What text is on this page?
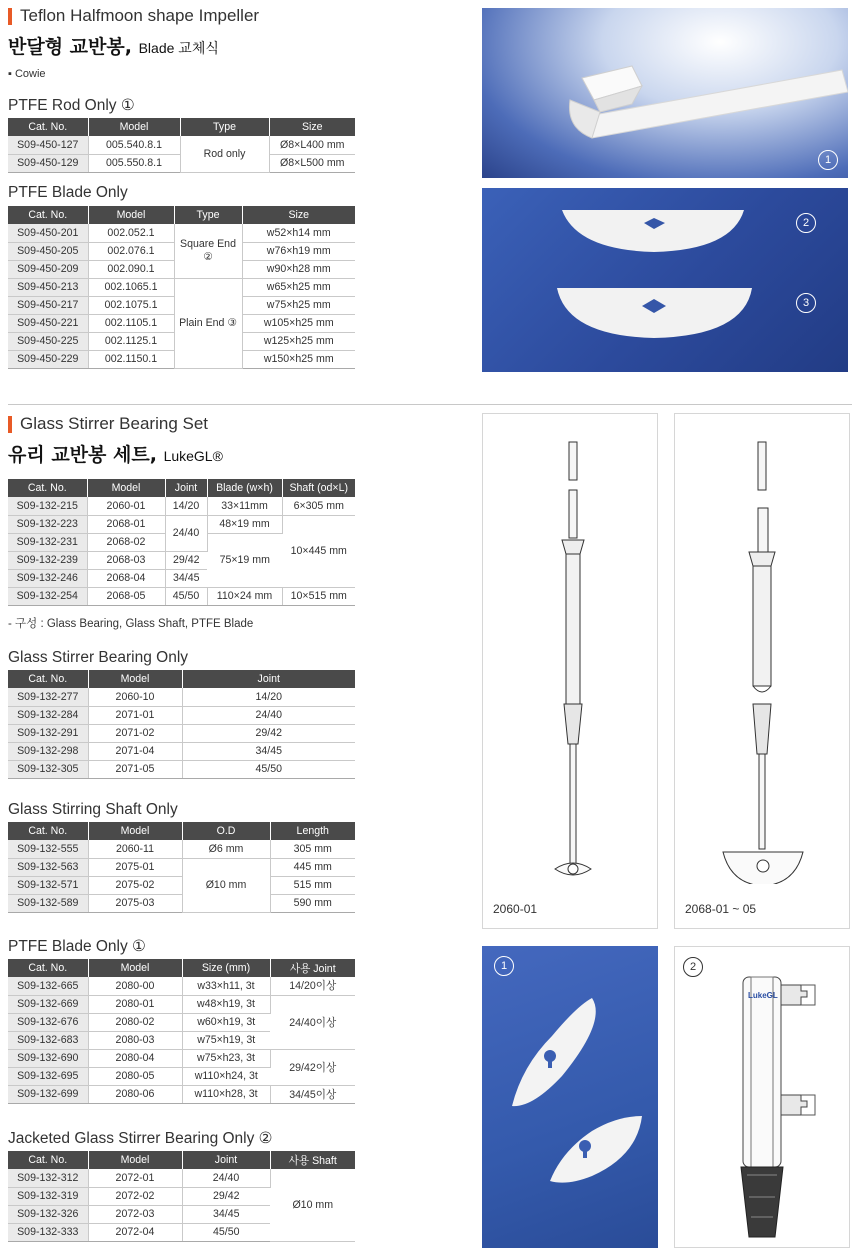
Teflon Halfmoon shape Impeller
반달형 교반봉, Blade 교체식
▪ Cowie
PTFE Rod Only ①
Cat. No.	Model	Type	Size
S09-450-127	005.540.8.1	Rod only	Ø8×L400 mm
S09-450-129	005.550.8.1		Ø8×L500 mm
PTFE Blade Only
Cat. No.	Model	Type	Size
S09-450-201	002.052.1	Square End ②	w52×h14 mm
S09-450-205	002.076.1		w76×h19 mm
S09-450-209	002.090.1		w90×h28 mm
S09-450-213	002.1065.1	Plain End ③	w65×h25 mm
S09-450-217	002.1075.1		w75×h25 mm
S09-450-221	002.1105.1		w105×h25 mm
S09-450-225	002.1125.1		w125×h25 mm
S09-450-229	002.1150.1		w150×h25 mm
1
2
3
Glass Stirrer Bearing Set
유리 교반봉 세트, LukeGL®
Cat. No.	Model	Joint	Blade (w×h)	Shaft (od×L)
S09-132-215	2060-01	14/20	33×11mm	6×305 mm
S09-132-223	2068-01	24/40	48×19 mm	10×445 mm
S09-132-231	2068-02		75×19 mm	
S09-132-239	2068-03	29/42		
S09-132-246	2068-04	34/45		
S09-132-254	2068-05	45/50	110×24 mm	10×515 mm
- 구성 : Glass Bearing, Glass Shaft, PTFE Blade
Glass Stirrer Bearing Only
Cat. No.	Model	Joint
S09-132-277	2060-10	14/20
S09-132-284	2071-01	24/40
S09-132-291	2071-02	29/42
S09-132-298	2071-04	34/45
S09-132-305	2071-05	45/50
Glass Stirring Shaft Only
Cat. No.	Model	O.D	Length
S09-132-555	2060-11	Ø6 mm	305 mm
S09-132-563	2075-01	Ø10 mm	445 mm
S09-132-571	2075-02		515 mm
S09-132-589	2075-03		590 mm
PTFE Blade Only ①
Cat. No.	Model	Size (mm)	사용 Joint
S09-132-665	2080-00	w33×h11, 3t	14/20이상
S09-132-669	2080-01	w48×h19, 3t	24/40이상
S09-132-676	2080-02	w60×h19, 3t	
S09-132-683	2080-03	w75×h19, 3t	
S09-132-690	2080-04	w75×h23, 3t	29/42이상
S09-132-695	2080-05	w110×h24, 3t	
S09-132-699	2080-06	w110×h28, 3t	34/45이상
Jacketed Glass Stirrer Bearing Only ②
Cat. No.	Model	Joint	사용 Shaft
S09-132-312	2072-01	24/40	Ø10 mm
S09-132-319	2072-02	29/42	
S09-132-326	2072-03	34/45	
S09-132-333	2072-04	45/50	
2060-01	2068-01 ~ 05
1
LukeGL
2
